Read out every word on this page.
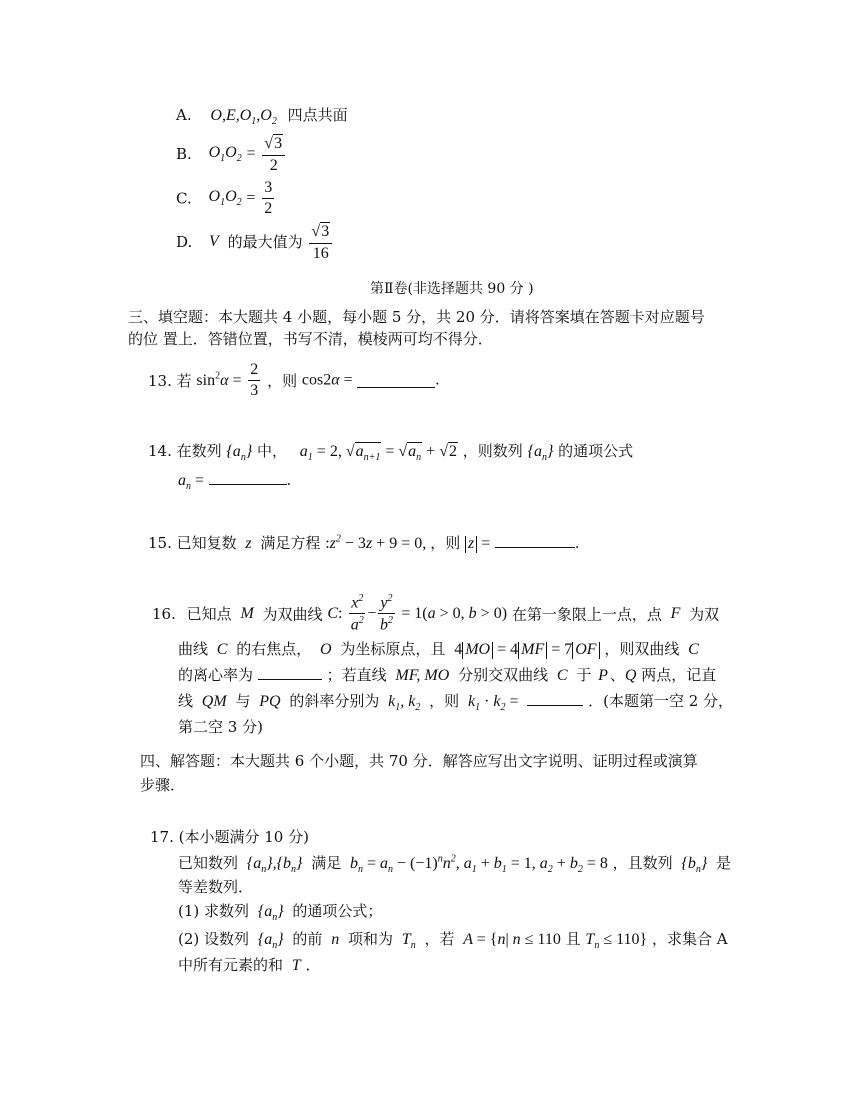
A. $O,E,O_1,O_2$ 四点共面
B. $O_1O_2 = \frac{√3}{2}$
C. $O_1O_2 = \frac{3}{2}$
D. V 的最大值为 $\frac{√3}{16}$
第Ⅱ卷(非选择题共 90 分 )
三、填空题：本大题共 4 小题，每小题 5 分，共 20 分．请将答案填在答题卡对应题号
的位 置上．答错位置，书写不清，模棱两可均不得分．
13. 若 $\sin^2\alpha = \frac{2}{3}$ ，则 cos2α =	.
14. 在数列 $\{a_n\}$ 中， $a_1 = 2$, $√a_{n+1} = √a_n + √2$ ，则数列 $\{a_n\}$ 的通项公式
$a_n$ =	.
15. 已知复数 z 满足方程 $:z^2 - 3z + 9 = 0$, ，则 z =	.
16. 已知点 M 为双曲线 C: $\frac{x^2}{a^2} - \frac{y^2}{b^2} = 1(a > 0$, b > 0) 在第一象限上一点，点 F 为双
曲线 C 的右焦点， O 为坐标原点，且 4 MO = 4 MF = 7 OF ，则双曲线 C
的离心率为	；若直线 MF, MO 分别交双曲线 C 于 P 、Q 两点，记直
线 QM 与 PQ 的斜率分别为 $k_1$, $k_2$ ，则 $k_1 \cdot k_2$ =	．(本题第一空 2 分，
第二空 3 分)
四、解答题：本大题共 6 个小题，共 70 分．解答应写出文字说明、证明过程或演算
步骤．
17. (本小题满分 10 分)
已知数列 $\{a_n\},\{b_n\}$ 满足 $b_n = a_n - (-1)^nn^2$, $a_1 + b_1 = 1$, $a_2 + b_2 = 8$ ，且数列 $\{b_n\}$ 是
等差数列．
(1) 求数列 $\{a_n\}$ 的通项公式；
(2) 设数列 $\{a_n\}$ 的前 n 项和为 $T_n$ ，若 A = {n| n ≤ 110 且 $T_n \le 110$} ，求集合 A
中所有元素的和 T ．
